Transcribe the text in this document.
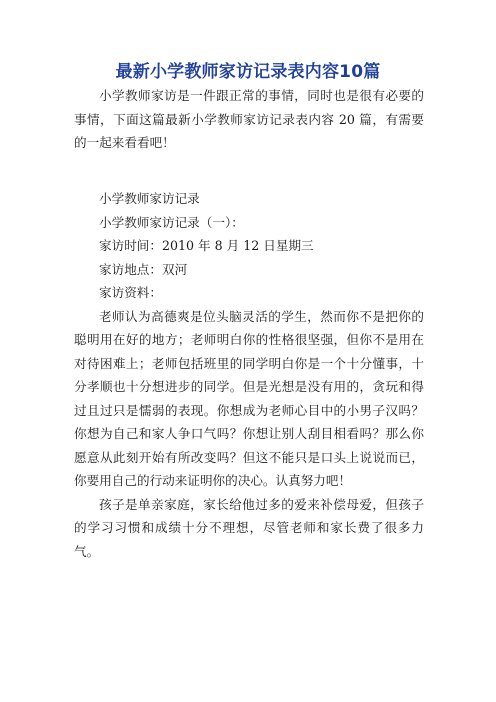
最新小学教师家访记录表内容10篇

小学教师家访是一件跟正常的事情，同时也是很有必要的事情，下面这篇最新小学教师家访记录表内容 20 篇，有需要的一起来看看吧！

小学教师家访记录

小学教师家访记录（一）：

家访时间：2010 年 8 月 12 日星期三

家访地点：双河

家访资料：

老师认为高德爽是位头脑灵活的学生，然而你不是把你的聪明用在好的地方；老师明白你的性格很坚强，但你不是用在对待困难上；老师包括班里的同学明白你是一个十分懂事，十分孝顺也十分想进步的同学。但是光想是没有用的，贪玩和得过且过只是懦弱的表现。你想成为老师心目中的小男子汉吗？你想为自己和家人争口气吗？你想让别人刮目相看吗？那么你愿意从此刻开始有所改变吗？但这不能只是口头上说说而已，你要用自己的行动来证明你的决心。认真努力吧！

孩子是单亲家庭，家长给他过多的爱来补偿母爱，但孩子的学习习惯和成绩十分不理想，尽管老师和家长费了很多力气。
